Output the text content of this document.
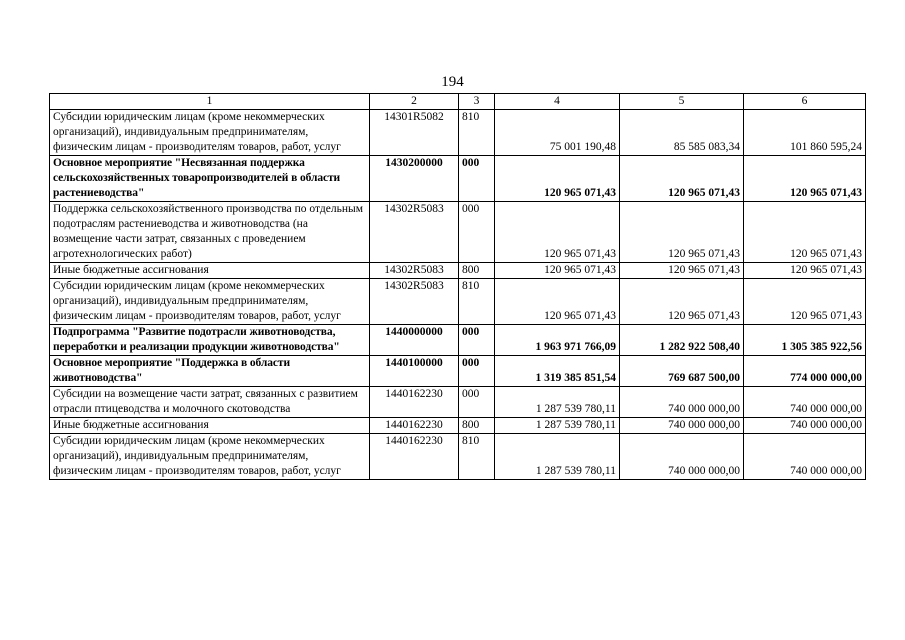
194
1	2	3	4	5	6
Субсидии юридическим лицам (кроме некоммерческих организаций), индивидуальным предпринимателям, физическим лицам - производителям товаров, работ, услуг	14301R5082	810	75 001 190,48	85 585 083,34	101 860 595,24
Основное мероприятие "Несвязанная поддержка сельскохозяйственных товаропроизводителей в области растениеводства"	1430200000	000	120 965 071,43	120 965 071,43	120 965 071,43
Поддержка сельскохозяйственного производства по отдельным подотраслям растениеводства и животноводства (на возмещение части затрат, связанных с проведением агротехнологических работ)	14302R5083	000	120 965 071,43	120 965 071,43	120 965 071,43
Иные бюджетные ассигнования	14302R5083	800	120 965 071,43	120 965 071,43	120 965 071,43
Субсидии юридическим лицам (кроме некоммерческих организаций), индивидуальным предпринимателям, физическим лицам - производителям товаров, работ, услуг	14302R5083	810	120 965 071,43	120 965 071,43	120 965 071,43
Подпрограмма "Развитие подотрасли животноводства, переработки и реализации продукции животноводства"	1440000000	000	1 963 971 766,09	1 282 922 508,40	1 305 385 922,56
Основное мероприятие "Поддержка в области животноводства"	1440100000	000	1 319 385 851,54	769 687 500,00	774 000 000,00
Субсидии на возмещение части затрат, связанных с развитием отрасли птицеводства и молочного скотоводства	1440162230	000	1 287 539 780,11	740 000 000,00	740 000 000,00
Иные бюджетные ассигнования	1440162230	800	1 287 539 780,11	740 000 000,00	740 000 000,00
Субсидии юридическим лицам (кроме некоммерческих организаций), индивидуальным предпринимателям, физическим лицам - производителям товаров, работ, услуг	1440162230	810	1 287 539 780,11	740 000 000,00	740 000 000,00
